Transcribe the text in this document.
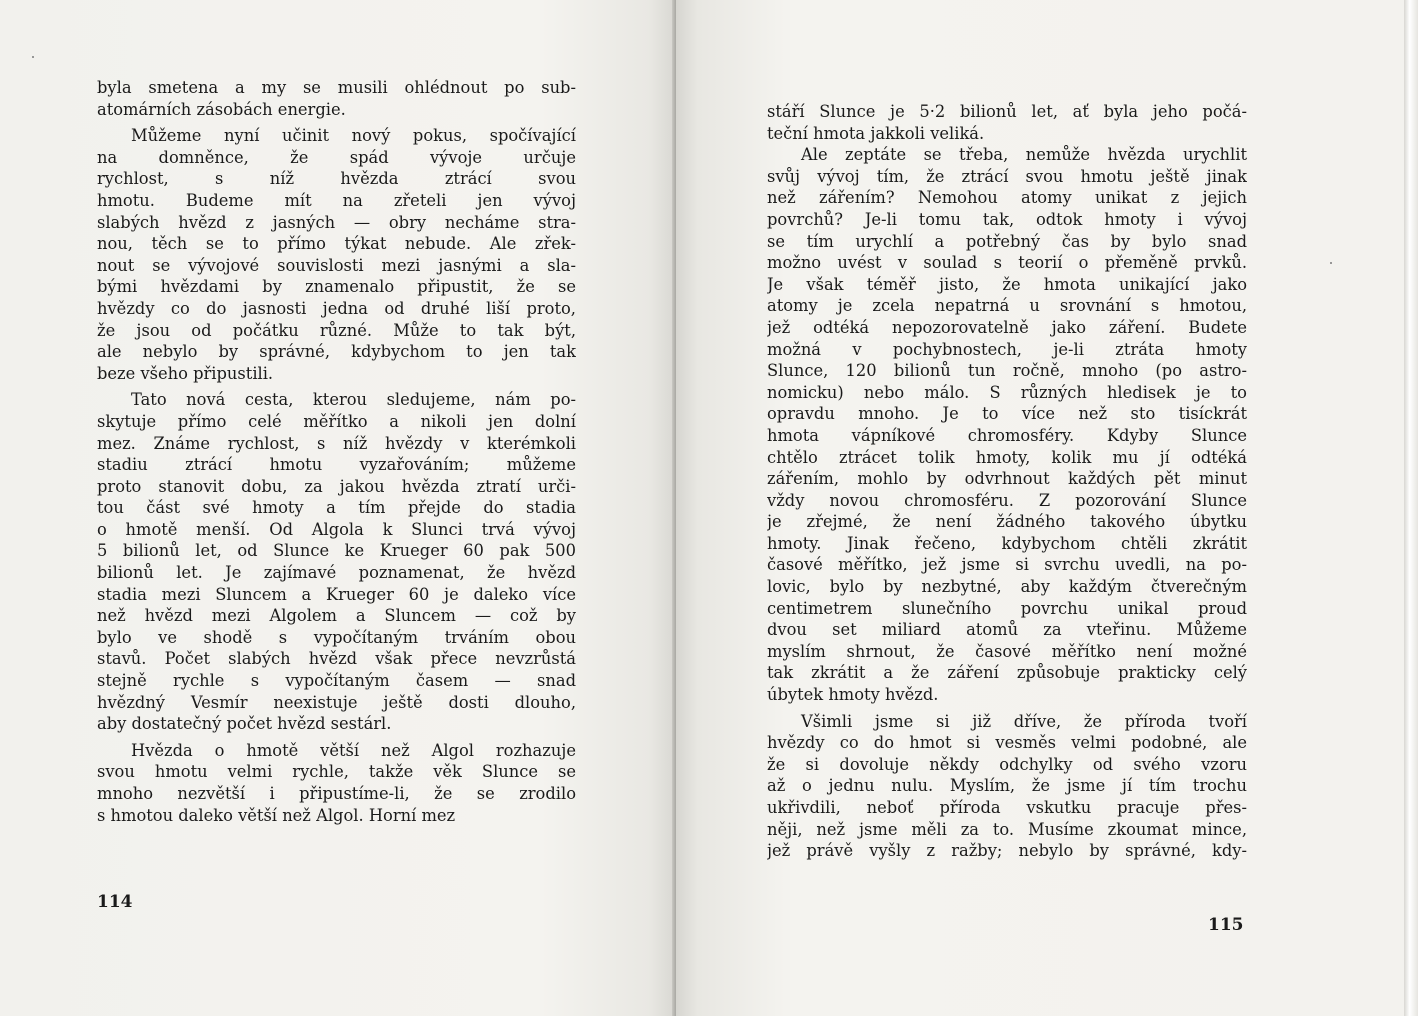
byla smetena a my se musili ohlédnout po sub-
atomárních zásobách energie.
Můžeme nyní učinit nový pokus, spočívající
na domněnce, že spád vývoje určuje
rychlost, s níž hvězda ztrácí svou
hmotu. Budeme mít na zřeteli jen vývoj
slabých hvězd z jasných — obry necháme stra-
nou, těch se to přímo týkat nebude. Ale zřek-
nout se vývojové souvislosti mezi jasnými a sla-
bými hvězdami by znamenalo připustit, že se
hvězdy co do jasnosti jedna od druhé liší proto,
že jsou od počátku různé. Může to tak být,
ale nebylo by správné, kdybychom to jen tak
beze všeho připustili.
Tato nová cesta, kterou sledujeme, nám po-
skytuje přímo celé měřítko a nikoli jen dolní
mez. Známe rychlost, s níž hvězdy v kterémkoli
stadiu ztrácí hmotu vyzařováním; můžeme
proto stanovit dobu, za jakou hvězda ztratí urči-
tou část své hmoty a tím přejde do stadia
o hmotě menší. Od Algola k Slunci trvá vývoj
5 bilionů let, od Slunce ke Krueger 60 pak 500
bilionů let. Je zajímavé poznamenat, že hvězd
stadia mezi Sluncem a Krueger 60 je daleko více
než hvězd mezi Algolem a Sluncem — což by
bylo ve shodě s vypočítaným trváním obou
stavů. Počet slabých hvězd však přece nevzrůstá
stejně rychle s vypočítaným časem — snad
hvězdný Vesmír neexistuje ještě dosti dlouho,
aby dostatečný počet hvězd sestárl.
Hvězda o hmotě větší než Algol rozhazuje
svou hmotu velmi rychle, takže věk Slunce se
mnoho nezvětší i připustíme-li, že se zrodilo
s hmotou daleko větší než Algol. Horní mez
114
stáří Slunce je 5·2 bilionů let, ať byla jeho počá-
teční hmota jakkoli veliká.
Ale zeptáte se třeba, nemůže hvězda urychlit
svůj vývoj tím, že ztrácí svou hmotu ještě jinak
než zářením? Nemohou atomy unikat z jejich
povrchů? Je-li tomu tak, odtok hmoty i vývoj
se tím urychlí a potřebný čas by bylo snad
možno uvést v soulad s teorií o přeměně prvků.
Je však téměř jisto, že hmota unikající jako
atomy je zcela nepatrná u srovnání s hmotou,
jež odtéká nepozorovatelně jako záření. Budete
možná v pochybnostech, je-li ztráta hmoty
Slunce, 120 bilionů tun ročně, mnoho (po astro-
nomicku) nebo málo. S různých hledisek je to
opravdu mnoho. Je to více než sto tisíckrát
hmota vápníkové chromosféry. Kdyby Slunce
chtělo ztrácet tolik hmoty, kolik mu jí odtéká
zářením, mohlo by odvrhnout každých pět minut
vždy novou chromosféru. Z pozorování Slunce
je zřejmé, že není žádného takového úbytku
hmoty. Jinak řečeno, kdybychom chtěli zkrátit
časové měřítko, jež jsme si svrchu uvedli, na po-
lovic, bylo by nezbytné, aby každým čtverečným
centimetrem slunečního povrchu unikal proud
dvou set miliard atomů za vteřinu. Můžeme
myslím shrnout, že časové měřítko není možné
tak zkrátit a že záření způsobuje prakticky celý
úbytek hmoty hvězd.
Všimli jsme si již dříve, že příroda tvoří
hvězdy co do hmot si vesměs velmi podobné, ale
že si dovoluje někdy odchylky od svého vzoru
až o jednu nulu. Myslím, že jsme jí tím trochu
ukřivdili, neboť příroda vskutku pracuje přes-
něji, než jsme měli za to. Musíme zkoumat mince,
jež právě vyšly z ražby; nebylo by správné, kdy-
115
